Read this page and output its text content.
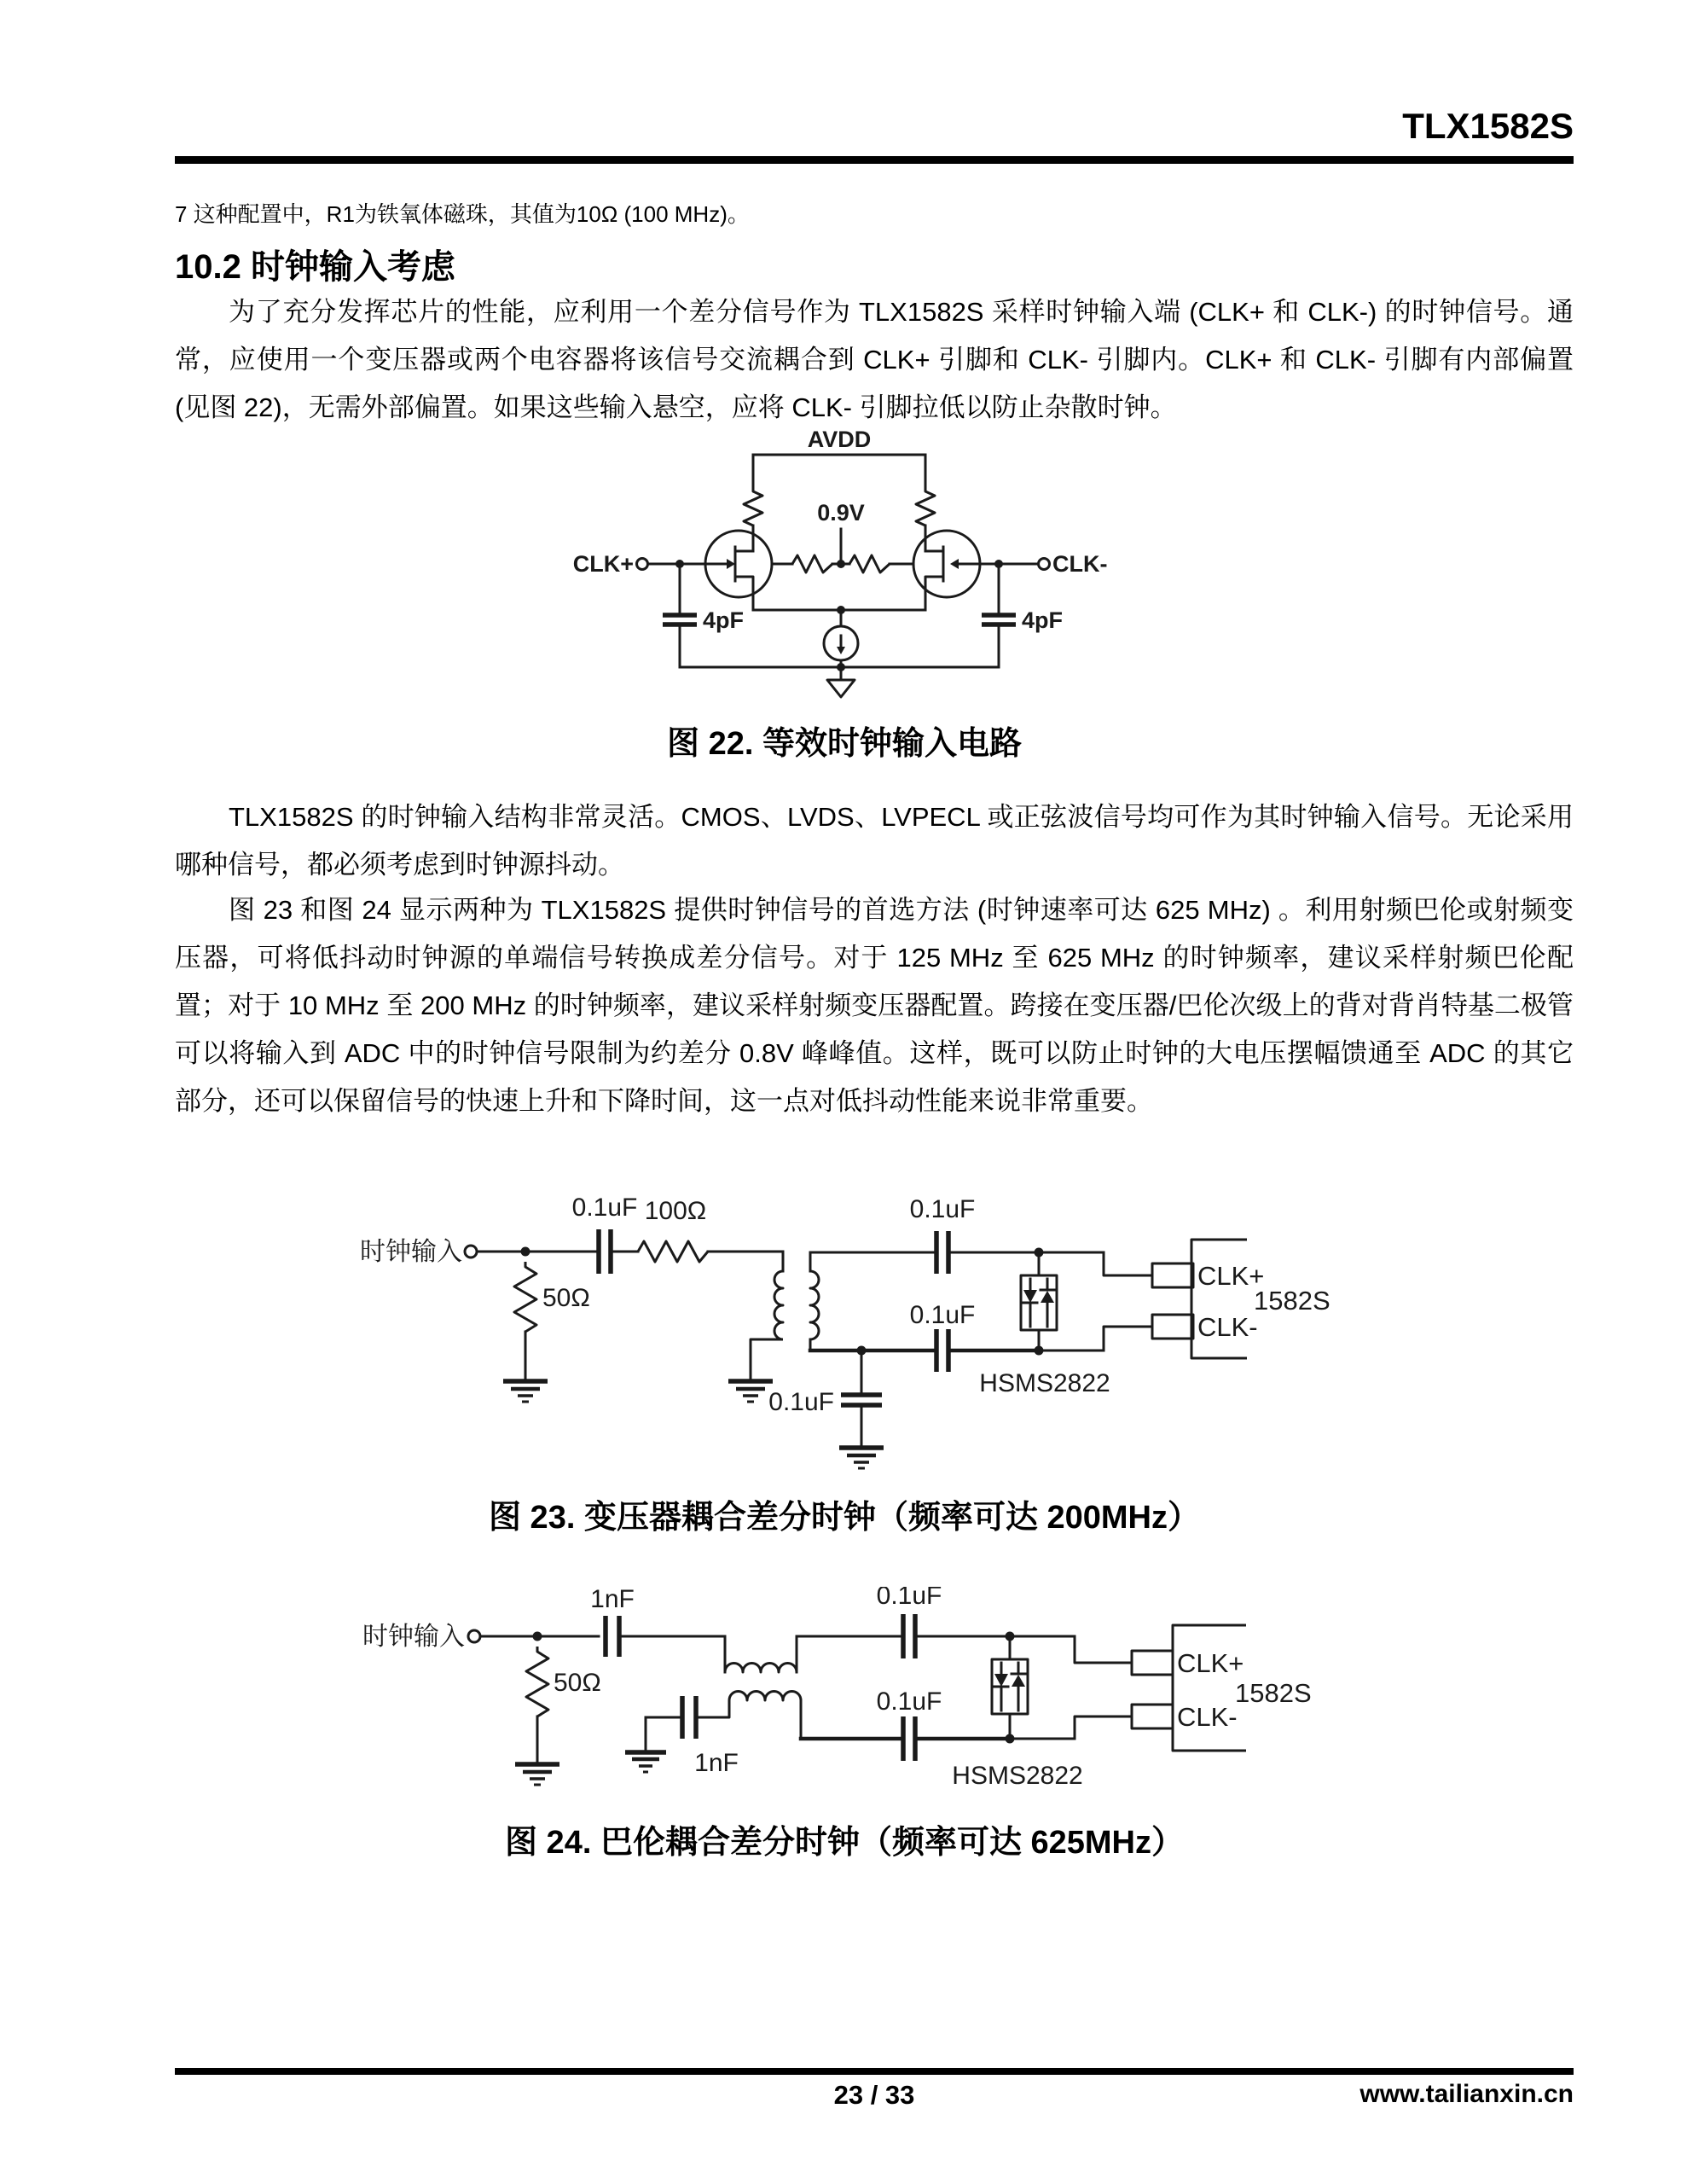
TLX1582S
7 这种配置中，R1为铁氧体磁珠，其值为10Ω (100 MHz)。
10.2 时钟输入考虑

为了充分发挥芯片的性能，应利用一个差分信号作为 TLX1582S 采样时钟输入端 (CLK+ 和 CLK-) 的时钟信号。通常，应使用一个变压器或两个电容器将该信号交流耦合到 CLK+ 引脚和 CLK- 引脚内。CLK+ 和 CLK- 引脚有内部偏置 (见图 22)，无需外部偏置。如果这些输入悬空，应将 CLK- 引脚拉低以防止杂散时钟。

TLX1582S 的时钟输入结构非常灵活。CMOS、LVDS、LVPECL 或正弦波信号均可作为其时钟输入信号。无论采用哪种信号，都必须考虑到时钟源抖动。

图 23 和图 24 显示两种为 TLX1582S 提供时钟信号的首选方法 (时钟速率可达 625 MHz) 。利用射频巴伦或射频变压器，可将低抖动时钟源的单端信号转换成差分信号。对于 125 MHz 至 625 MHz 的时钟频率，建议采样射频巴伦配置；对于 10 MHz 至 200 MHz 的时钟频率，建议采样射频变压器配置。跨接在变压器/巴伦次级上的背对背肖特基二极管可以将输入到 ADC 中的时钟信号限制为约差分 0.8V 峰峰值。这样，既可以防止时钟的大电压摆幅馈通至 ADC 的其它部分，还可以保留信号的快速上升和下降时间，这一点对低抖动性能来说非常重要。

AVDD
CLK+	CLK-
0.9V
4pF	4pF
图 22. 等效时钟输入电路
时钟输入
50Ω
0.1uF 100Ω	0.1uF
0.1uF
0.1uF
HSMS2822
CLK+
CLK-
1582S
图 23. 变压器耦合差分时钟（频率可达 200MHz）
时钟输入
50Ω
1nF
1nF
0.1uF
0.1uF
HSMS2822
CLK+
CLK-
1582S
图 24. 巴伦耦合差分时钟（频率可达 625MHz）
23 / 33	www.tailianxin.cn
